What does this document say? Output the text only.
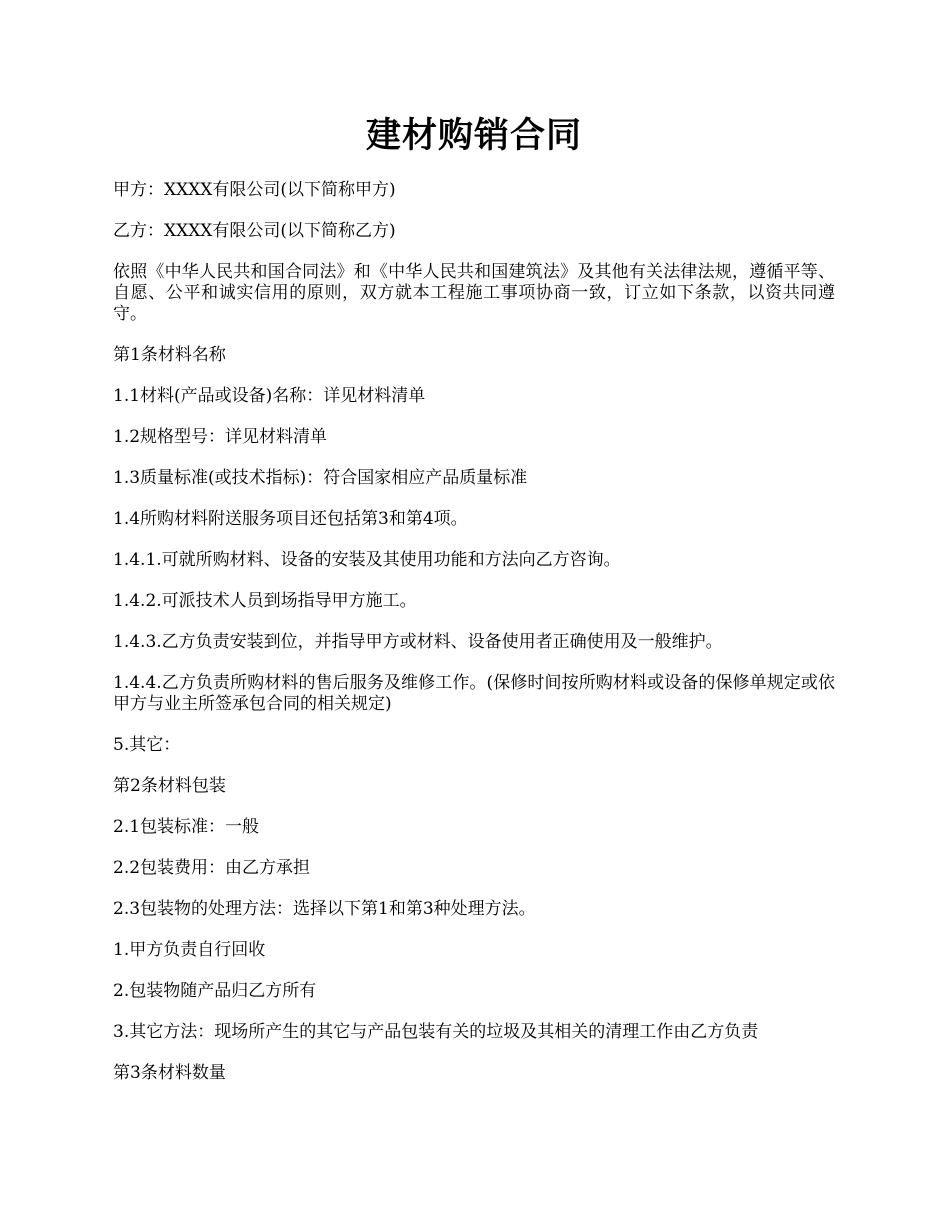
建材购销合同

甲方：XXXX有限公司(以下简称甲方)

乙方：XXXX有限公司(以下简称乙方)

依照《中华人民共和国合同法》和《中华人民共和国建筑法》及其他有关法律法规，遵循平等、自愿、公平和诚实信用的原则，双方就本工程施工事项协商一致，订立如下条款，以资共同遵守。

第1条材料名称

1.1材料(产品或设备)名称：详见材料清单

1.2规格型号：详见材料清单

1.3质量标准(或技术指标)：符合国家相应产品质量标准

1.4所购材料附送服务项目还包括第3和第4项。

1.4.1.可就所购材料、设备的安装及其使用功能和方法向乙方咨询。

1.4.2.可派技术人员到场指导甲方施工。

1.4.3.乙方负责安装到位，并指导甲方或材料、设备使用者正确使用及一般维护。

1.4.4.乙方负责所购材料的售后服务及维修工作。(保修时间按所购材料或设备的保修单规定或依甲方与业主所签承包合同的相关规定)

5.其它：

第2条材料包装

2.1包装标准：一般

2.2包装费用：由乙方承担

2.3包装物的处理方法：选择以下第1和第3种处理方法。

1.甲方负责自行回收

2.包装物随产品归乙方所有

3.其它方法：现场所产生的其它与产品包装有关的垃圾及其相关的清理工作由乙方负责

第3条材料数量
